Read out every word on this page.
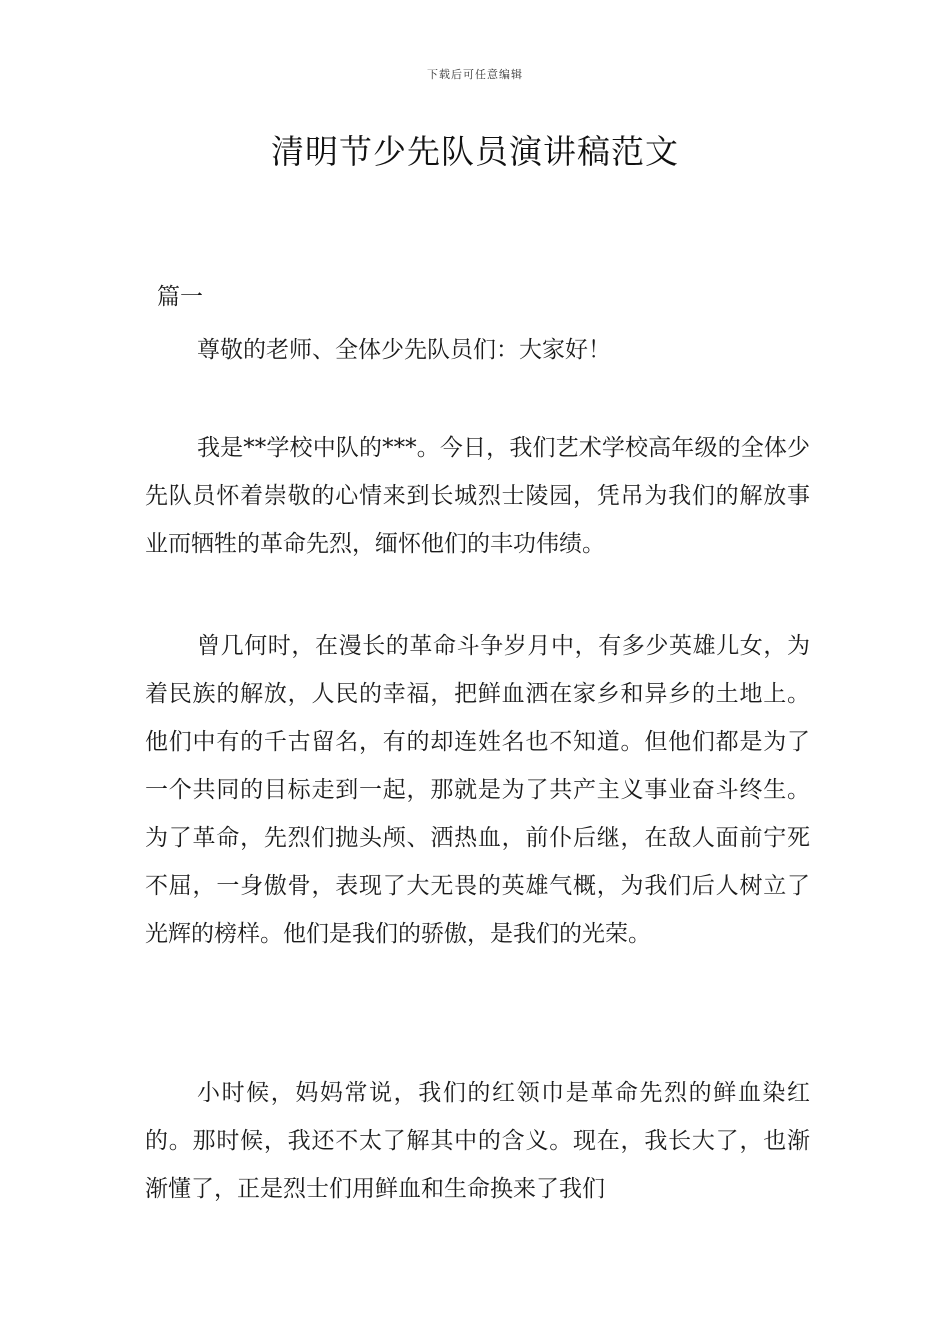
下载后可任意编辑
清明节少先队员演讲稿范文
篇一
尊敬的老师、全体少先队员们：大家好！

我是**学校中队的***。今日，我们艺术学校高年级的全体少先队员怀着崇敬的心情来到长城烈士陵园，凭吊为我们的解放事业而牺牲的革命先烈，缅怀他们的丰功伟绩。

曾几何时，在漫长的革命斗争岁月中，有多少英雄儿女，为着民族的解放，人民的幸福，把鲜血洒在家乡和异乡的土地上。他们中有的千古留名，有的却连姓名也不知道。但他们都是为了一个共同的目标走到一起，那就是为了共产主义事业奋斗终生。为了革命，先烈们抛头颅、洒热血，前仆后继，在敌人面前宁死不屈，一身傲骨，表现了大无畏的英雄气概，为我们后人树立了光辉的榜样。他们是我们的骄傲，是我们的光荣。

小时候，妈妈常说，我们的红领巾是革命先烈的鲜血染红的。那时候，我还不太了解其中的含义。现在，我长大了，也渐渐懂了，正是烈士们用鲜血和生命换来了我们
